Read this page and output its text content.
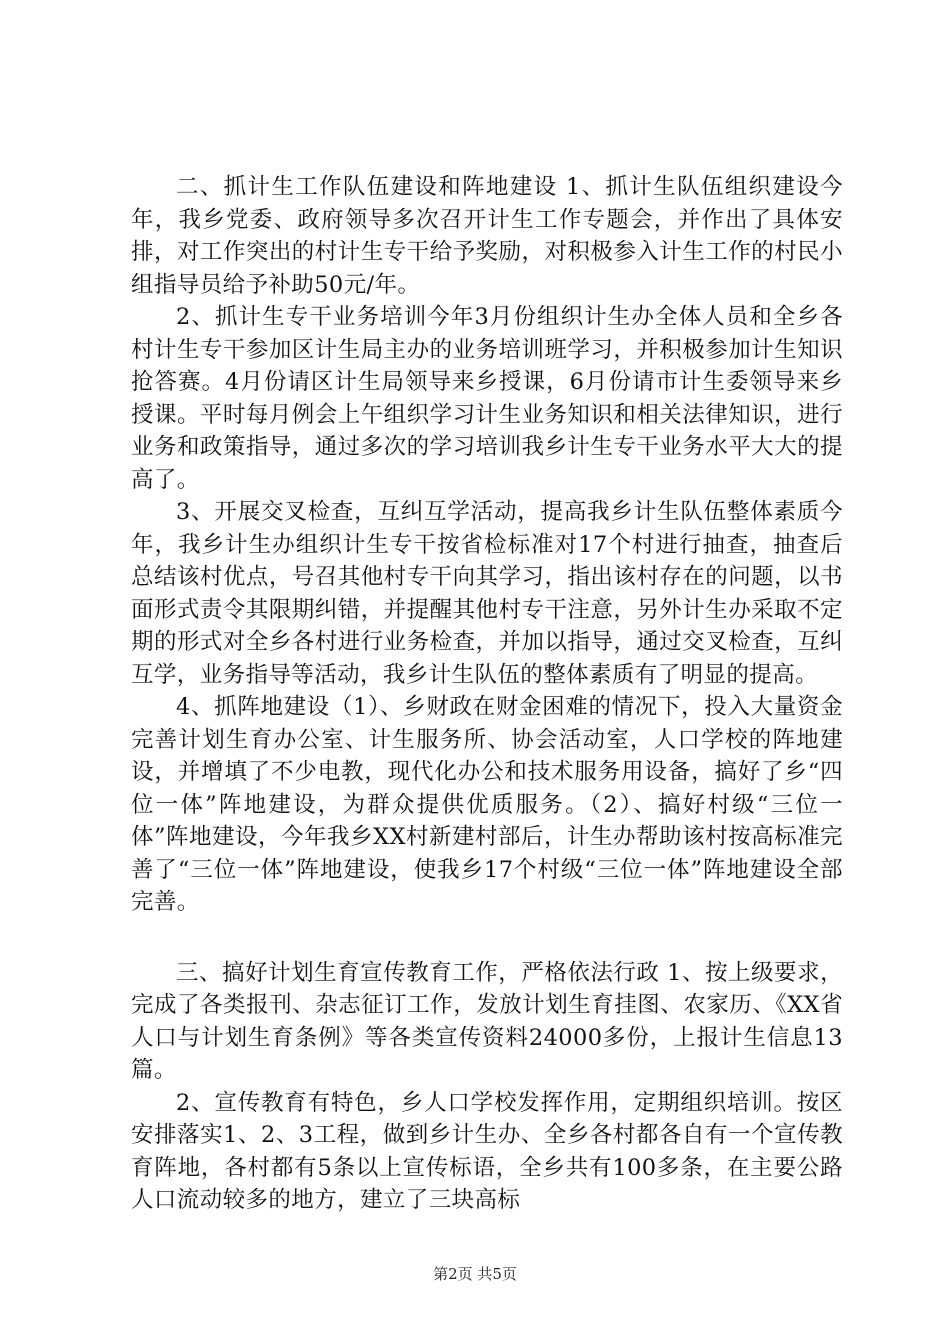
二、抓计生工作队伍建设和阵地建设 1、抓计生队伍组织建设今年，我乡党委、政府领导多次召开计生工作专题会，并作出了具体安排，对工作突出的村计生专干给予奖励，对积极参入计生工作的村民小组指导员给予补助50元/年。

2、抓计生专干业务培训今年3月份组织计生办全体人员和全乡各村计生专干参加区计生局主办的业务培训班学习，并积极参加计生知识抢答赛。4月份请区计生局领导来乡授课，6月份请市计生委领导来乡授课。平时每月例会上午组织学习计生业务知识和相关法律知识，进行业务和政策指导，通过多次的学习培训我乡计生专干业务水平大大的提高了。

3、开展交叉检查，互纠互学活动，提高我乡计生队伍整体素质今年，我乡计生办组织计生专干按省检标准对17个村进行抽查，抽查后总结该村优点，号召其他村专干向其学习，指出该村存在的问题，以书面形式责令其限期纠错，并提醒其他村专干注意，另外计生办采取不定期的形式对全乡各村进行业务检查，并加以指导，通过交叉检查，互纠互学，业务指导等活动，我乡计生队伍的整体素质有了明显的提高。

4、抓阵地建设（1）、乡财政在财金困难的情况下，投入大量资金完善计划生育办公室、计生服务所、协会活动室，人口学校的阵地建设，并增填了不少电教，现代化办公和技术服务用设备，搞好了乡“四位一体”阵地建设，为群众提供优质服务。（2）、搞好村级“三位一体”阵地建设，今年我乡XX村新建村部后，计生办帮助该村按高标准完善了“三位一体”阵地建设，使我乡17个村级“三位一体”阵地建设全部完善。

三、搞好计划生育宣传教育工作，严格依法行政 1、按上级要求，完成了各类报刊、杂志征订工作，发放计划生育挂图、农家历、《XX省人口与计划生育条例》等各类宣传资料24000多份，上报计生信息13篇。

2、宣传教育有特色，乡人口学校发挥作用，定期组织培训。按区安排落实1、2、3工程，做到乡计生办、全乡各村都各自有一个宣传教育阵地，各村都有5条以上宣传标语，全乡共有100多条，在主要公路人口流动较多的地方，建立了三块高标

第2页 共5页
